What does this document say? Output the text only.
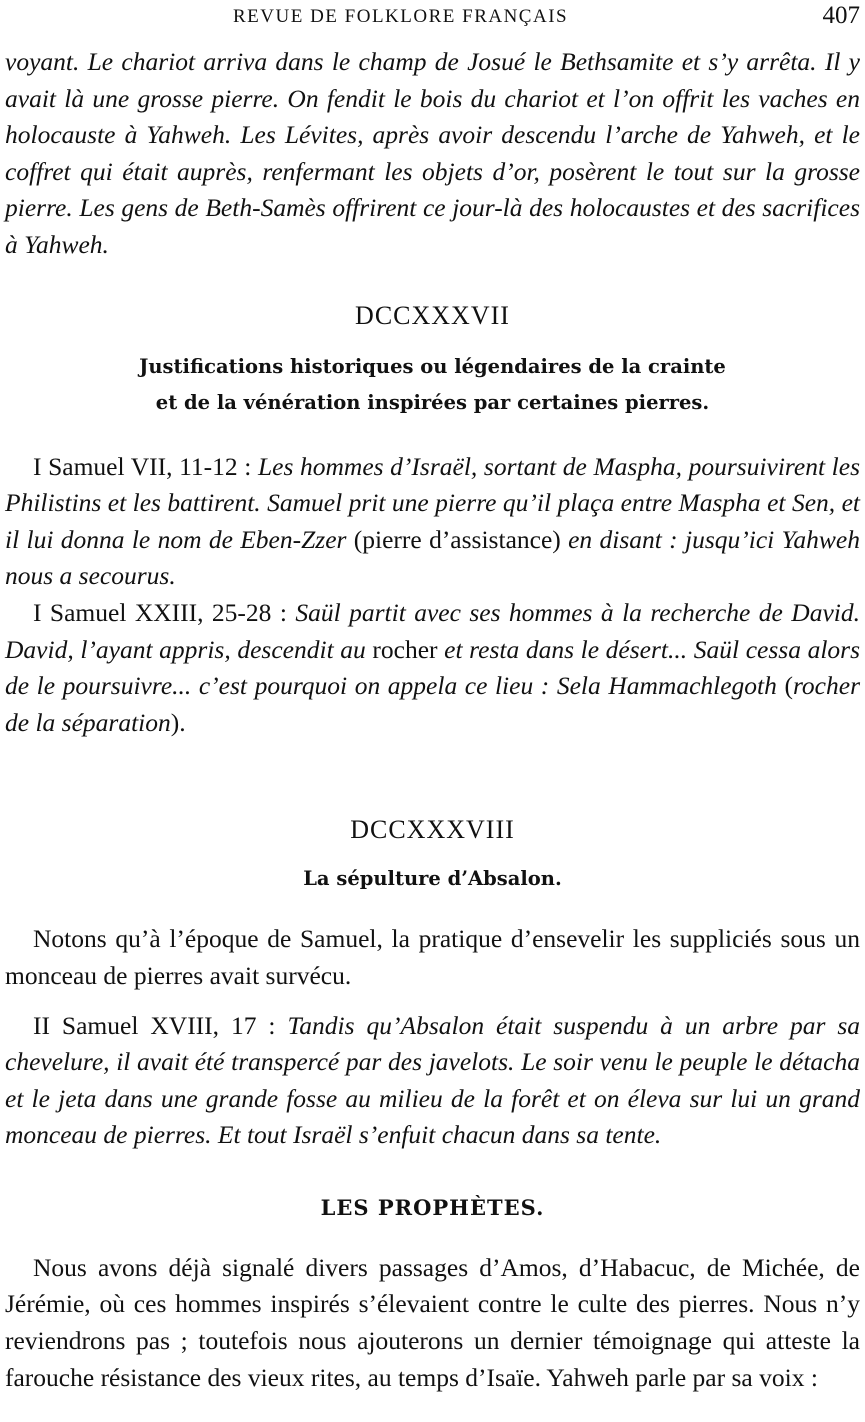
REVUE DE FOLKLORE FRANÇAIS	407

voyant. Le chariot arriva dans le champ de Josué le Bethsamite et s’y arrêta. Il y avait là une grosse pierre. On fendit le bois du chariot et l’on offrit les vaches en holocauste à Yahweh. Les Lévites, après avoir descendu l’arche de Yahweh, et le coffret qui était auprès, renfermant les objets d’or, posèrent le tout sur la grosse pierre. Les gens de Beth-Samès offrirent ce jour-là des holocaustes et des sacrifices à Yahweh.

DCCXXXVII
Justifications historiques ou légendaires de la crainte
et de la vénération inspirées par certaines pierres.

I Samuel VII, 11-12 : Les hommes d’Israël, sortant de Maspha, poursuivirent les Philistins et les battirent. Samuel prit une pierre qu’il plaça entre Maspha et Sen, et il lui donna le nom de Eben-Zzer (pierre d’assistance) en disant : jusqu’ici Yahweh nous a secourus.

I Samuel XXIII, 25-28 : Saül partit avec ses hommes à la recherche de David. David, l’ayant appris, descendit au rocher et resta dans le désert... Saül cessa alors de le poursuivre... c’est pourquoi on appela ce lieu : Sela Hammachlegoth (rocher de la séparation).

DCCXXXVIII
La sépulture d’Absalon.

Notons qu’à l’époque de Samuel, la pratique d’ensevelir les suppliciés sous un monceau de pierres avait survécu.

II Samuel XVIII, 17 : Tandis qu’Absalon était suspendu à un arbre par sa chevelure, il avait été transpercé par des javelots. Le soir venu le peuple le détacha et le jeta dans une grande fosse au milieu de la forêt et on éleva sur lui un grand monceau de pierres. Et tout Israël s’enfuit chacun dans sa tente.

LES PROPHÈTES.

Nous avons déjà signalé divers passages d’Amos, d’Habacuc, de Michée, de Jérémie, où ces hommes inspirés s’élevaient contre le culte des pierres. Nous n’y reviendrons pas ; toutefois nous ajouterons un dernier témoignage qui atteste la farouche résistance des vieux rites, au temps d’Isaïe. Yahweh parle par sa voix :
